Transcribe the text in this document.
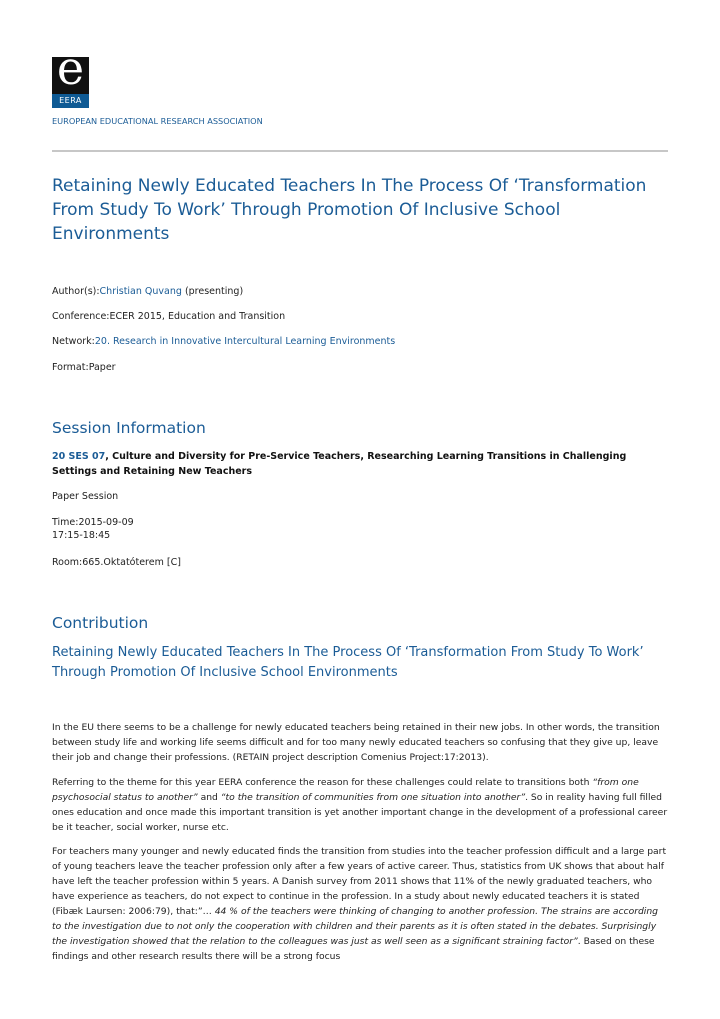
e
EERA
EUROPEAN EDUCATIONAL RESEARCH ASSOCIATION
Retaining Newly Educated Teachers In The Process Of ‘Transformation From Study To Work’ Through Promotion Of Inclusive School Environments
Author(s):Christian Quvang (presenting)
Conference:ECER 2015, Education and Transition
Network:20. Research in Innovative Intercultural Learning Environments
Format:Paper
Session Information
20 SES 07, Culture and Diversity for Pre-Service Teachers, Researching Learning Transitions in Challenging Settings and Retaining New Teachers
Paper Session
Time:2015-09-09
17:15-18:45
Room:665.Oktatóterem [C]
Contribution
Retaining Newly Educated Teachers In The Process Of ‘Transformation From Study To Work’ Through Promotion Of Inclusive School Environments

In the EU there seems to be a challenge for newly educated teachers being retained in their new jobs. In other words, the transition between study life and working life seems difficult and for too many newly educated teachers so confusing that they give up, leave their job and change their professions. (RETAIN project description Comenius Project:17:2013).

Referring to the theme for this year EERA conference the reason for these challenges could relate to transitions both “from one psychosocial status to another” and “to the transition of communities from one situation into another”. So in reality having full filled ones education and once made this important transition is yet another important change in the development of a professional career be it teacher, social worker, nurse etc.

For teachers many younger and newly educated finds the transition from studies into the teacher profession difficult and a large part of young teachers leave the teacher profession only after a few years of active career. Thus, statistics from UK shows that about half have left the teacher profession within 5 years. A Danish survey from 2011 shows that 11% of the newly graduated teachers, who have experience as teachers, do not expect to continue in the profession. In a study about newly educated teachers it is stated (Fibæk Laursen: 2006:79), that:”… 44 % of the teachers were thinking of changing to another profession. The strains are according to the investigation due to not only the cooperation with children and their parents as it is often stated in the debates. Surprisingly the investigation showed that the relation to the colleagues was just as well seen as a significant straining factor”. Based on these findings and other research results there will be a strong focus
